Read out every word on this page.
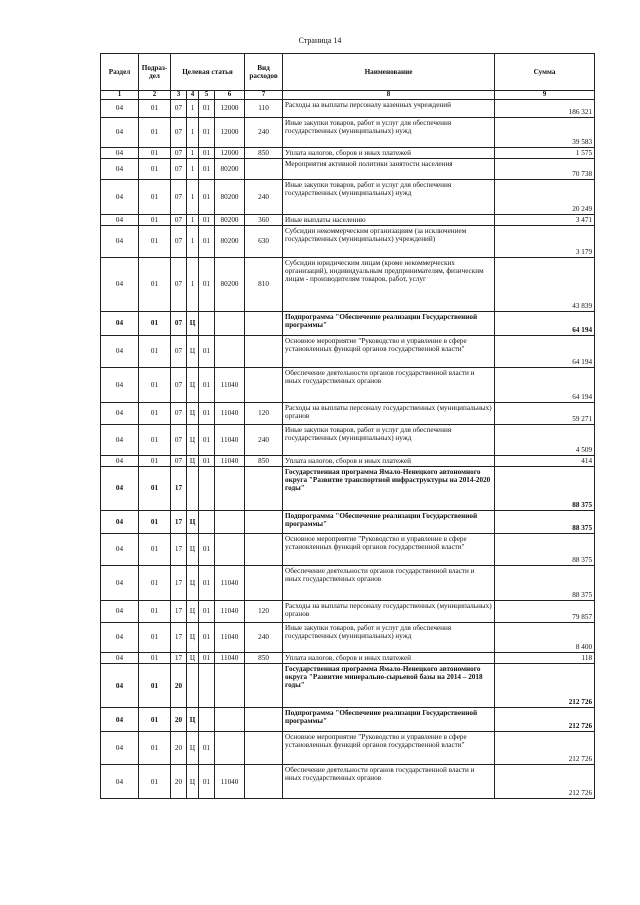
Страница 14
Раздел	Подраз-дел	Целевая статья				Вид расходов	Наименование	Сумма
1	2	3	4	5	6	7	8	9
04	01	07	1	01	12000	110	Расходы на выплаты персоналу казенных учреждений	186 321
04	01	07	1	01	12000	240	Иные закупки товаров, работ и услуг для обеспечения государственных (муниципальных) нужд	39 583
04	01	07	1	01	12000	850	Уплата налогов, сборов и иных платежей	1 575
04	01	07	1	01	80200		Мероприятия активной политики занятости населения	70 738
04	01	07	1	01	80200	240	Иные закупки товаров, работ и услуг для обеспечения государственных (муниципальных) нужд	20 249
04	01	07	1	01	80200	360	Иные выплаты населению	3 471
04	01	07	1	01	80200	630	Субсидии некоммерческим организациям (за исключением государственных (муниципальных) учреждений)	3 179
04	01	07	1	01	80200	810	Субсидии юридическим лицам (кроме некоммерческих организаций), индивидуальным предпринимателям, физическим лицам - производителям товаров, работ, услуг	43 839
04	01	07	Ц				Подпрограмма "Обеспечение реализации Государственной программы"	64 194
04	01	07	Ц	01			Основное мероприятие "Руководство и управление в сфере установленных функций органов государственной власти"	64 194
04	01	07	Ц	01	11040		Обеспечение деятельности органов государственной власти и иных государственных органов	64 194
04	01	07	Ц	01	11040	120	Расходы на выплаты персоналу государственных (муниципальных) органов	59 271
04	01	07	Ц	01	11040	240	Иные закупки товаров, работ и услуг для обеспечения государственных (муниципальных) нужд	4 509
04	01	07	Ц	01	11040	850	Уплата налогов, сборов и иных платежей	414
04	01	17					Государственная программа Ямало-Ненецкого автономного округа "Развитие транспортной инфраструктуры на 2014-2020 годы"	88 375
04	01	17	Ц				Подпрограмма "Обеспечение реализации Государственной программы"	88 375
04	01	17	Ц	01			Основное мероприятие "Руководство и управление в сфере установленных функций органов государственной власти"	88 375
04	01	17	Ц	01	11040		Обеспечение деятельности органов государственной власти и иных государственных органов	88 375
04	01	17	Ц	01	11040	120	Расходы на выплаты персоналу государственных (муниципальных) органов	79 857
04	01	17	Ц	01	11040	240	Иные закупки товаров, работ и услуг для обеспечения государственных (муниципальных) нужд	8 400
04	01	17	Ц	01	11040	850	Уплата налогов, сборов и иных платежей	118
04	01	20					Государственная программа Ямало-Ненецкого автономного округа "Развитие минерально-сырьевой базы на 2014 – 2018 годы"	212 726
04	01	20	Ц				Подпрограмма "Обеспечение реализации Государственной программы"	212 726
04	01	20	Ц	01			Основное мероприятие "Руководство и управление в сфере установленных функций органов государственной власти"	212 726
04	01	20	Ц	01	11040		Обеспечение деятельности органов государственной власти и иных государственных органов	212 726
